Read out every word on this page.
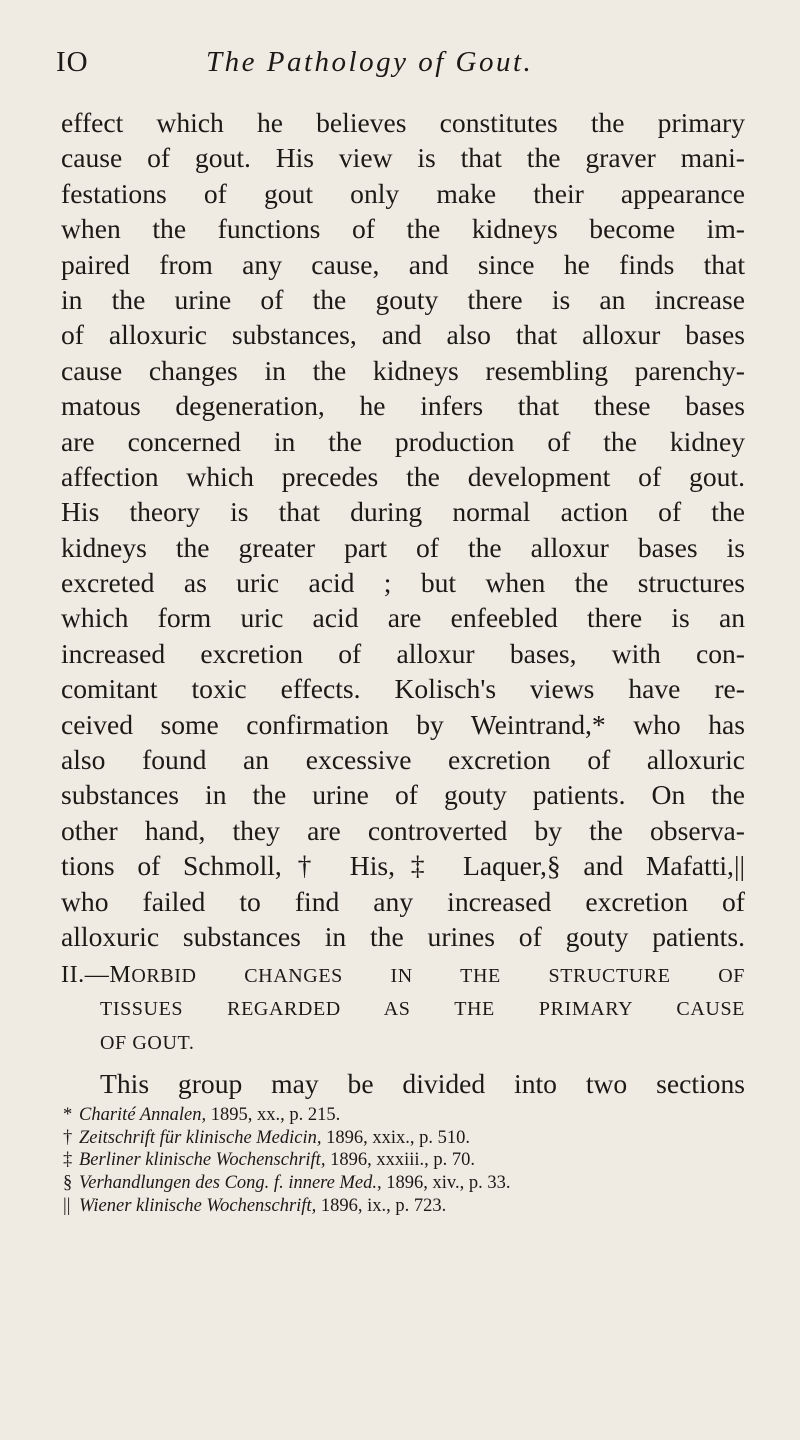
IO	The Pathology of Gout.
effect which he believes constitutes the primary
cause of gout. His view is that the graver mani-
festations of gout only make their appearance
when the functions of the kidneys become im-
paired from any cause, and since he finds that
in the urine of the gouty there is an increase
of alloxuric substances, and also that alloxur bases
cause changes in the kidneys resembling parenchy-
matous degeneration, he infers that these bases
are concerned in the production of the kidney
affection which precedes the development of gout.
His theory is that during normal action of the
kidneys the greater part of the alloxur bases is
excreted as uric acid ; but when the structures
which form uric acid are enfeebled there is an
increased excretion of alloxur bases, with con-
comitant toxic effects. Kolisch's views have re-
ceived some confirmation by Weintrand,* who has
also found an excessive excretion of alloxuric
substances in the urine of gouty patients. On the
other hand, they are controverted by the observa-
tions of Schmoll,† His,‡ Laquer,§ and Mafatti,||
who failed to find any increased excretion of
alloxuric substances in the urines of gouty patients.
II.—MORBID CHANGES IN THE STRUCTURE OF
TISSUES REGARDED AS THE PRIMARY CAUSE
OF GOUT.
This group may be divided into two sections
* Charité Annalen, 1895, xx., p. 215.
† Zeitschrift für klinische Medicin, 1896, xxix., p. 510.
‡ Berliner klinische Wochenschrift, 1896, xxxiii., p. 70.
§ Verhandlungen des Cong. f. innere Med., 1896, xiv., p. 33.
|| Wiener klinische Wochenschrift, 1896, ix., p. 723.
